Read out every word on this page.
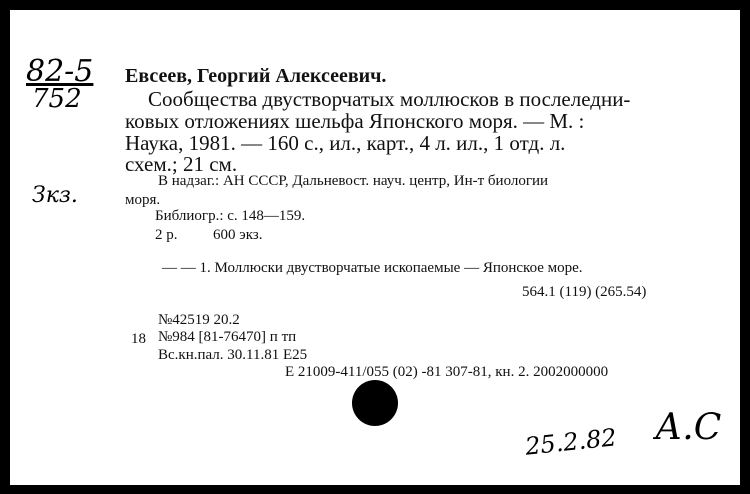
82-5
752
Зкз.
Евсеев, Георгий Алексеевич.
Сообщества двустворчатых моллюсков в послеледни-
ковых отложениях шельфа Японского моря. — М. :
Наука, 1981. — 160 с., ил., карт., 4 л. ил., 1 отд. л.
схем.; 21 см.
В надзаг.: АН СССР, Дальневост. науч. центр, Ин-т биологии
моря.
Библиогр.: с. 148—159.
2 р. 600 экз.
— — 1. Моллюски двустворчатые ископаемые — Японское море.
564.1 (119) (265.54)
№42519 20.2
18 №984 [81-76470] п тп
Вс.кн.пал. 30.11.81 Е25
Е 21009-411/055 (02) -81 307-81, кн. 2. 2002000000
25.2.82 А.С
